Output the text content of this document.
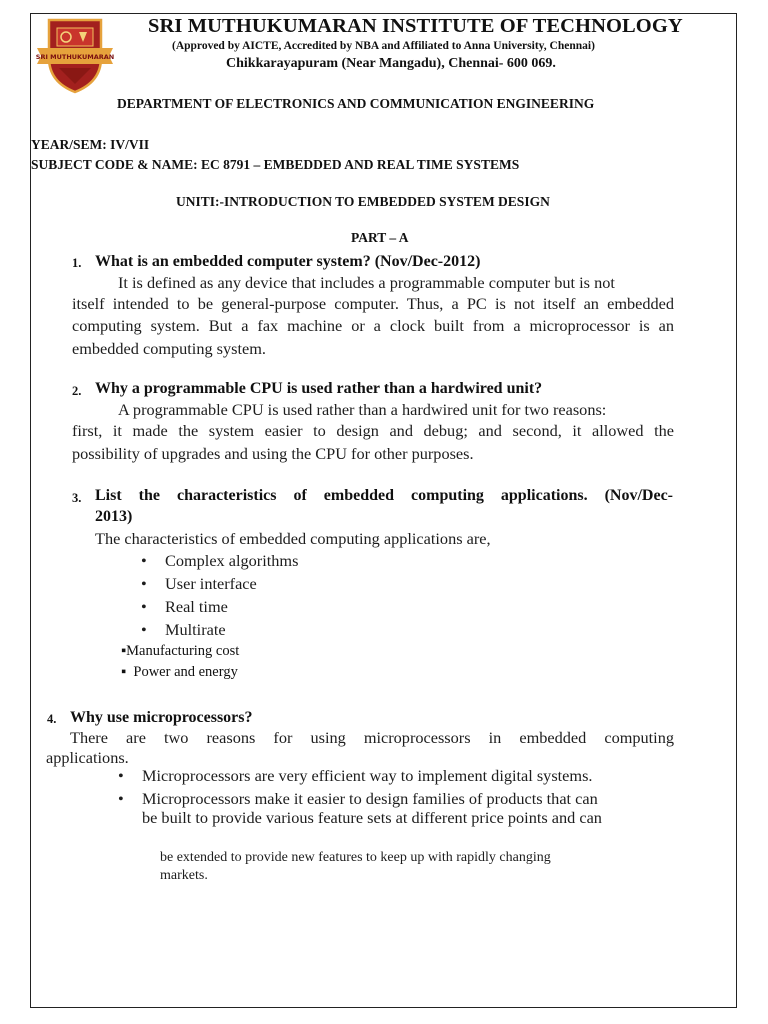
SRI MUTHUKUMARAN
SRI MUTHUKUMARAN INSTITUTE OF TECHNOLOGY
(Approved by AICTE, Accredited by NBA and Affiliated to Anna University, Chennai)
Chikkarayapuram (Near Mangadu), Chennai- 600 069.
DEPARTMENT OF ELECTRONICS AND COMMUNICATION ENGINEERING
YEAR/SEM: IV/VII
SUBJECT CODE & NAME: EC 8791 – EMBEDDED AND REAL TIME SYSTEMS
UNITI:-INTRODUCTION TO EMBEDDED SYSTEM DESIGN
PART – A
1. What is an embedded computer system? (Nov/Dec-2012)
It is defined as any device that includes a programmable computer but is not
itself intended to be general-purpose computer. Thus, a PC is not itself an embedded
computing system. But a fax machine or a clock built from a microprocessor is an
embedded computing system.
2. Why a programmable CPU is used rather than a hardwired unit?
A programmable CPU is used rather than a hardwired unit for two reasons:
first, it made the system easier to design and debug; and second, it allowed the
possibility of upgrades and using the CPU for other purposes.
3. List the characteristics of embedded computing applications. (Nov/Dec-
2013)
The characteristics of embedded computing applications are,
• Complex algorithms
• User interface
• Real time
• Multirate
▪Manufacturing cost
▪  Power and energy
4. Why use microprocessors?
There are two reasons for using microprocessors in embedded computing
applications.
• Microprocessors are very efficient way to implement digital systems.
• Microprocessors make it easier to design families of products that can
be built to provide various feature sets at different price points and can
be extended to provide new features to keep up with rapidly changing
markets.
